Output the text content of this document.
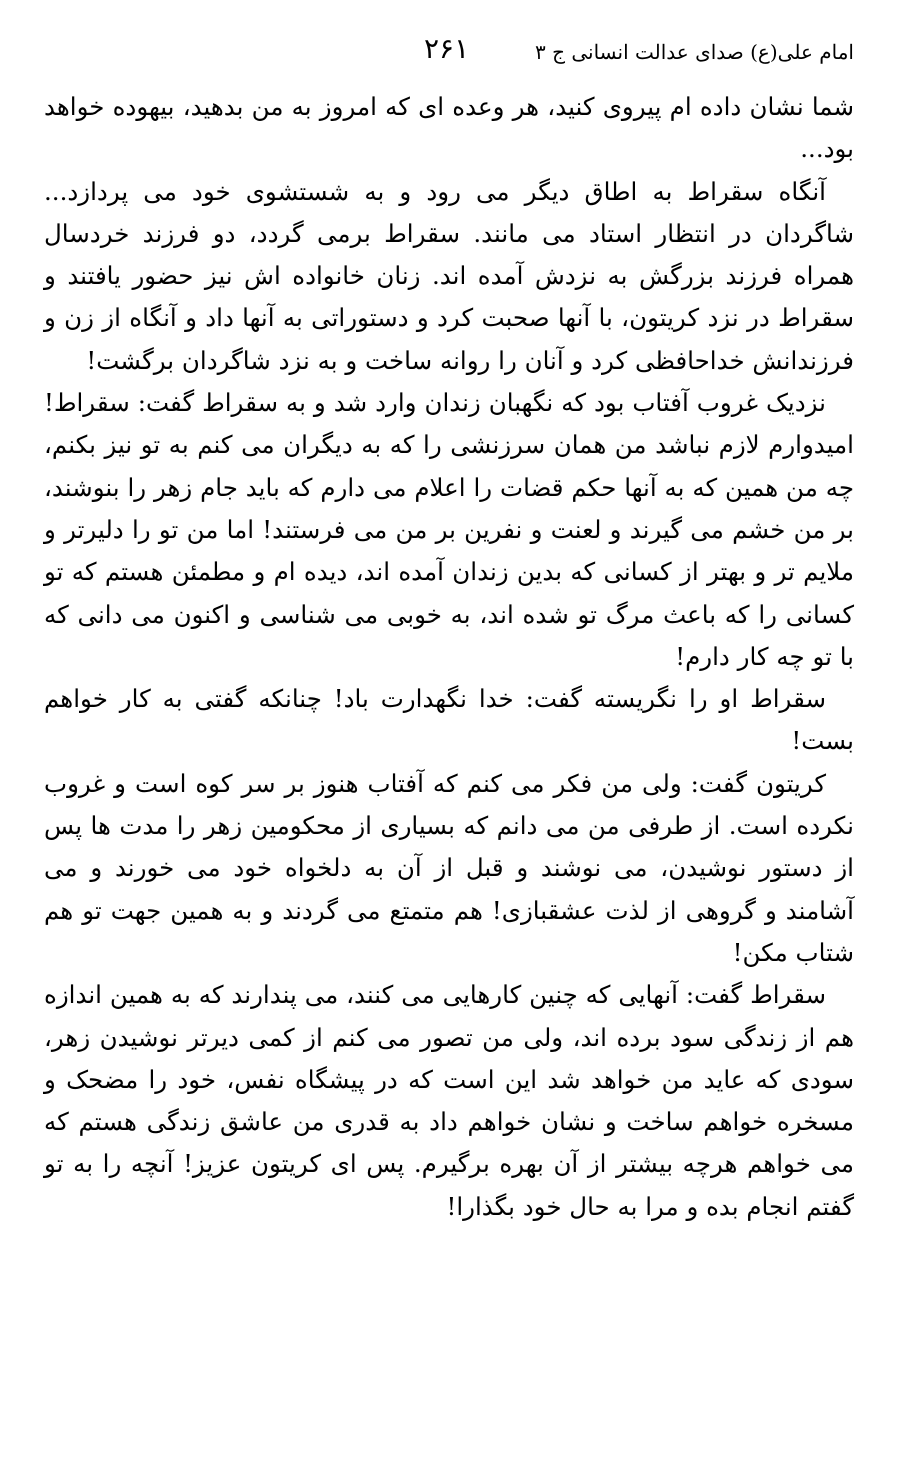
امام علی(ع) صدای عدالت انسانی ج ۳
۲۶۱

شما نشان داده ام پیروی کنید، هر وعده ای که امروز به من بدهید، بیهوده خواهد بود...

آنگاه سقراط به اطاق دیگر می رود و به شستشوی خود می پردازد... شاگردان در انتظار استاد می مانند. سقراط برمی گردد، دو فرزند خردسال همراه فرزند بزرگش به نزدش آمده اند. زنان خانواده اش نیز حضور یافتند و سقراط در نزد کریتون، با آنها صحبت کرد و دستوراتی به آنها داد و آنگاه از زن و فرزندانش خداحافظی کرد و آنان را روانه ساخت و به نزد شاگردان برگشت!

نزدیک غروب آفتاب بود که نگهبان زندان وارد شد و به سقراط گفت: سقراط! امیدوارم لازم نباشد من همان سرزنشی را که به دیگران می کنم به تو نیز بکنم، چه من همین که به آنها حکم قضات را اعلام می دارم که باید جام زهر را بنوشند، بر من خشم می گیرند و لعنت و نفرین بر من می فرستند! اما من تو را دلیرتر و ملایم تر و بهتر از کسانی که بدین زندان آمده اند، دیده ام و مطمئن هستم که تو کسانی را که باعث مرگ تو شده اند، به خوبی می شناسی و اکنون می دانی که با تو چه کار دارم!

سقراط او را نگریسته گفت: خدا نگهدارت باد! چنانکه گفتی به کار خواهم بست!

کریتون گفت: ولی من فکر می کنم که آفتاب هنوز بر سر کوه است و غروب نکرده است. از طرفی من می دانم که بسیاری از محکومین زهر را مدت ها پس از دستور نوشیدن، می نوشند و قبل از آن به دلخواه خود می خورند و می آشامند و گروهی از لذت عشقبازی! هم متمتع می گردند و به همین جهت تو هم شتاب مکن!

سقراط گفت: آنهایی که چنین کارهایی می کنند، می پندارند که به همین اندازه هم از زندگی سود برده اند، ولی من تصور می کنم از کمی دیرتر نوشیدن زهر، سودی که عاید من خواهد شد این است که در پیشگاه نفس، خود را مضحک و مسخره خواهم ساخت و نشان خواهم داد به قدری من عاشق زندگی هستم که می خواهم هرچه بیشتر از آن بهره برگیرم. پس ای کریتون عزیز! آنچه را به تو گفتم انجام بده و مرا به حال خود بگذارا!
